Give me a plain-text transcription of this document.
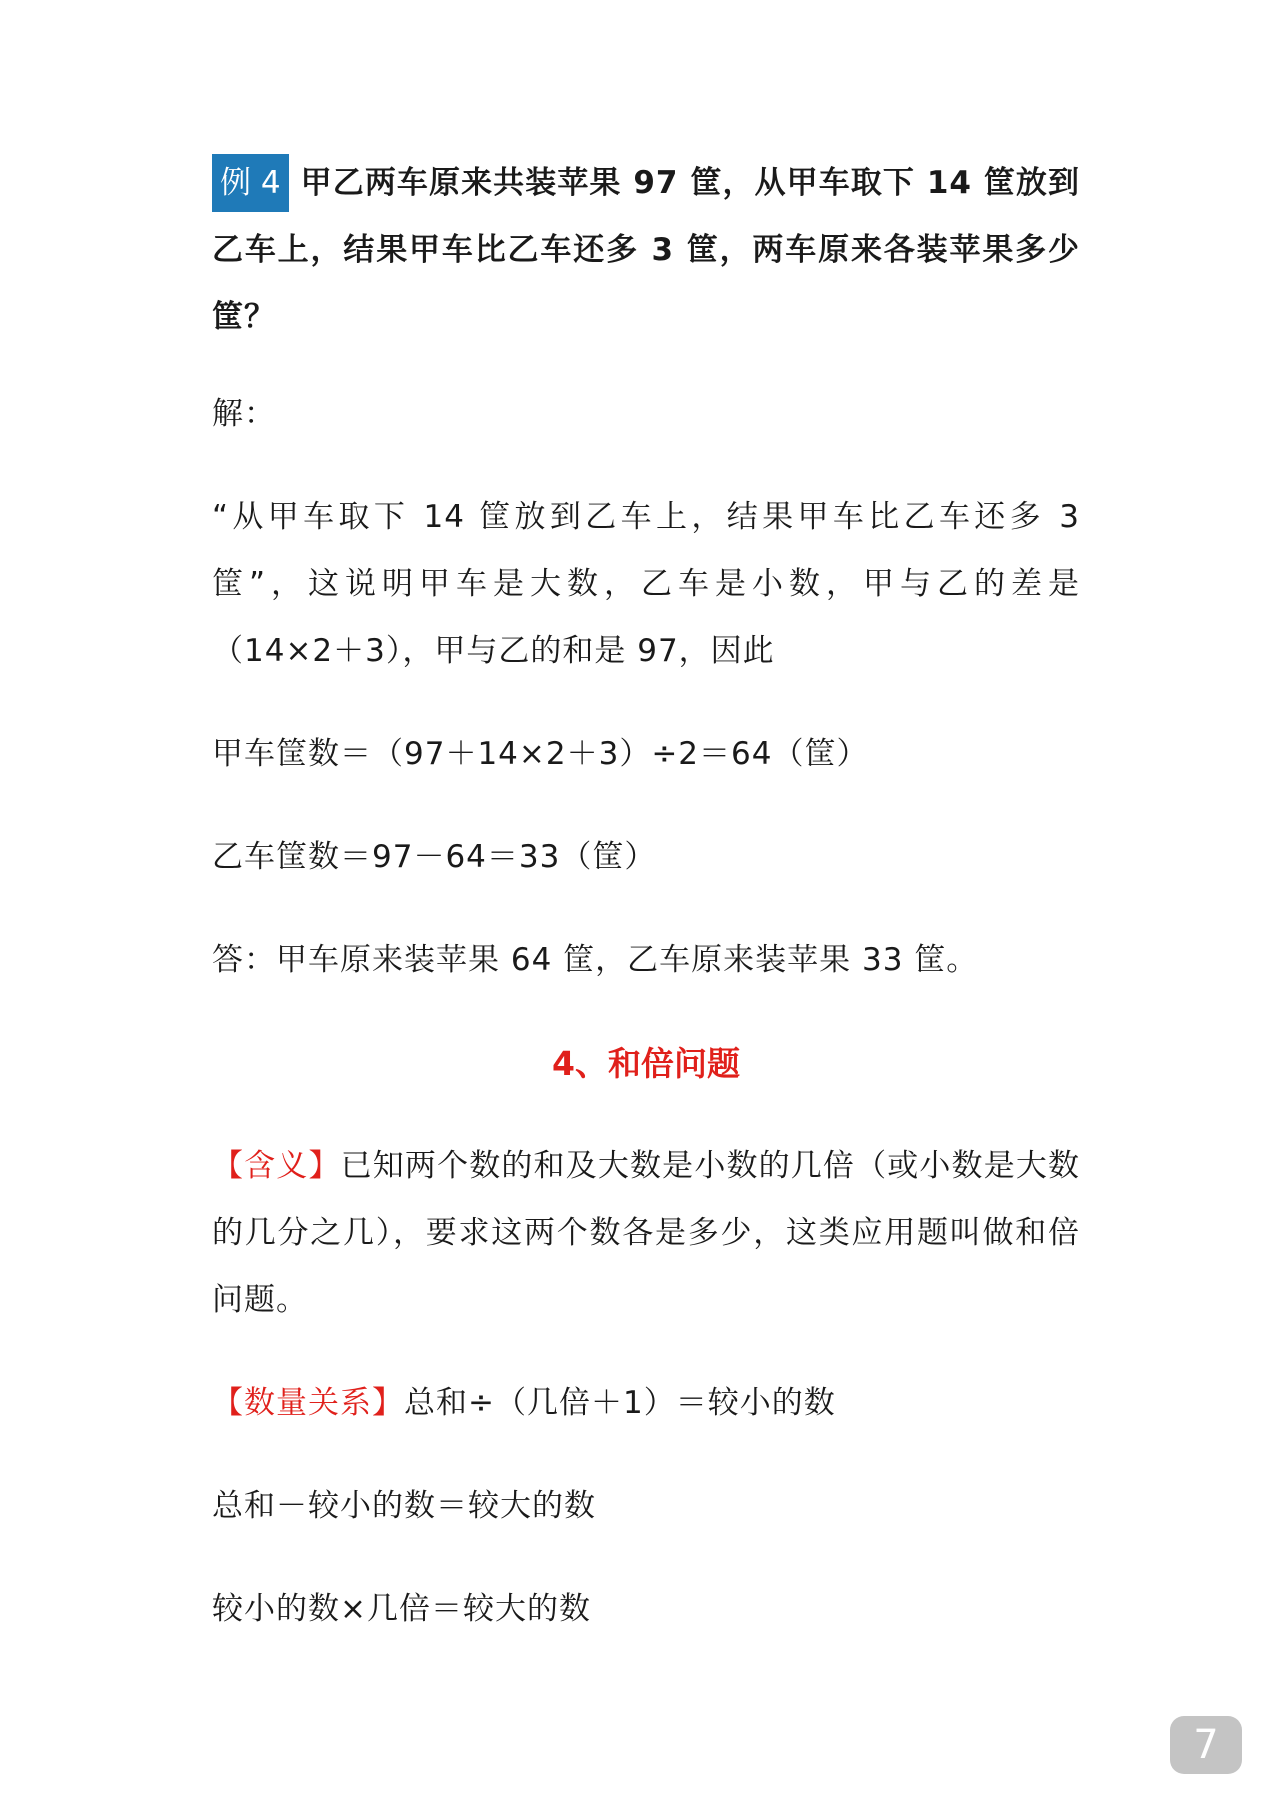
例 4 甲乙两车原来共装苹果 97 筐，从甲车取下 14 筐放到乙车上，结果甲车比乙车还多 3 筐，两车原来各装苹果多少筐？

解：

“从甲车取下 14 筐放到乙车上，结果甲车比乙车还多 3 筐”，这说明甲车是大数，乙车是小数，甲与乙的差是（14×2＋3），甲与乙的和是 97，因此

甲车筐数＝（97＋14×2＋3）÷2＝64（筐）

乙车筐数＝97－64＝33（筐）

答：甲车原来装苹果 64 筐，乙车原来装苹果 33 筐。

4、和倍问题

【含义】已知两个数的和及大数是小数的几倍（或小数是大数的几分之几），要求这两个数各是多少，这类应用题叫做和倍问题。

【数量关系】总和÷（几倍＋1）＝较小的数

总和－较小的数＝较大的数

较小的数×几倍＝较大的数

7
